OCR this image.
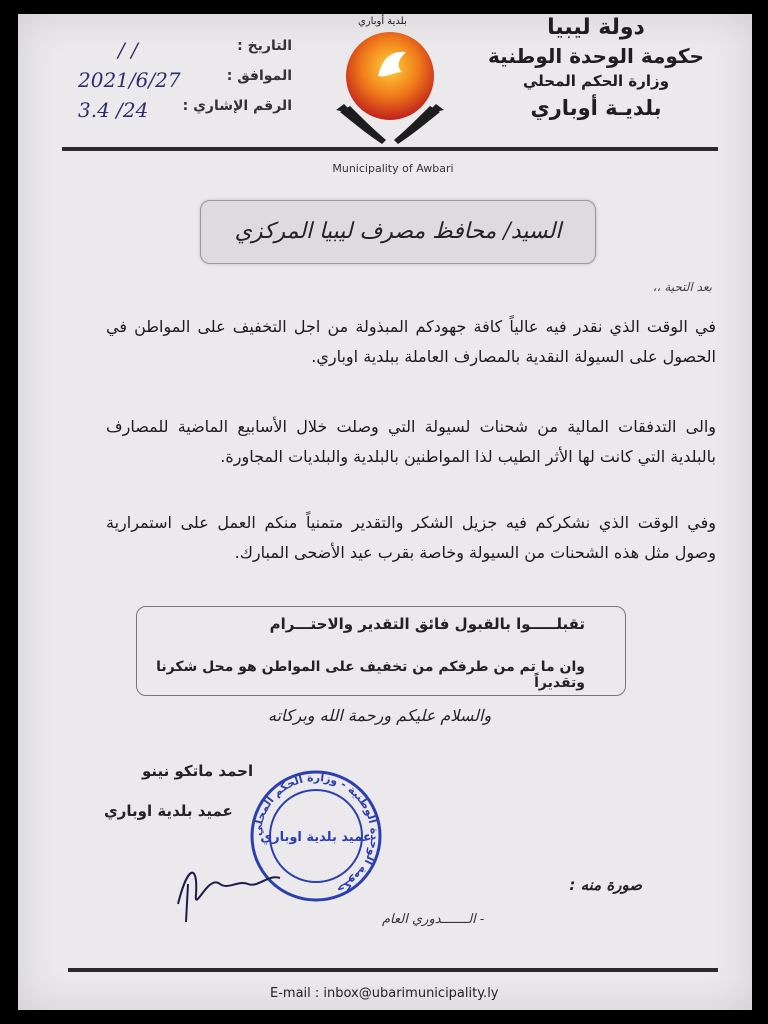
دولة ليبيا
حكومة الوحدة الوطنية
وزارة الحكم المحلي
بلديـة أوباري
التاريخ :
/ /
الموافق :
2021/6/27
الرقم الإشاري :
24/ 3.4
بلدية أوباري
Municipality of Awbari
السيد/ محافظ مصرف ليبيا المركزي
بعد التحية ،،
في الوقت الذي نقدر فيه عالياً كافة جهودكم المبذولة من اجل التخفيف على المواطن في الحصول على السيولة النقدية بالمصارف العاملة ببلدية اوباري.
والى التدفقات المالية من شحنات لسيولة التي وصلت خلال الأسابيع الماضية للمصارف بالبلدية التي كانت لها الأثر الطيب لذا المواطنين بالبلدية والبلديات المجاورة.
وفي الوقت الذي نشكركم فيه جزيل الشكر والتقدير متمنياً منكم العمل على استمرارية وصول مثل هذه الشحنات من السيولة وخاصة بقرب عيد الأضحى المبارك.
تقبلـــــوا بالقبول فائق التقدير والاحتـــرام
وان ما تم من طرفكم من تخفيف على المواطن هو محل شكرنا وتقديراً
والسلام عليكم ورحمة الله وبركاته
احمد ماتكو نينو
عميد بلدية اوباري
حكومة الوحدة الوطنية - وزارة الحكم المحلي
عميد بلدية اوباري
صورة منه :
- الـــــــدوري العام
E-mail : inbox@ubarimunicipality.ly
